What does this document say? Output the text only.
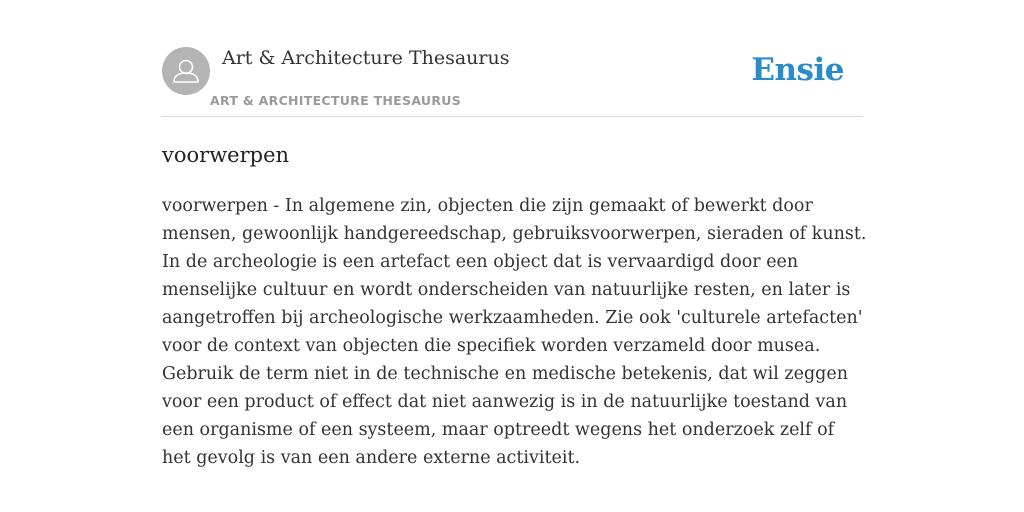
Art & Architecture Thesaurus
ART & ARCHITECTURE THESAURUS
Ensie
voorwerpen

voorwerpen - In algemene zin, objecten die zijn gemaakt of bewerkt door mensen, gewoonlijk handgereedschap, gebruiksvoorwerpen, sieraden of kunst. In de archeologie is een artefact een object dat is vervaardigd door een menselijke cultuur en wordt onderscheiden van natuurlijke resten, en later is aangetroffen bij archeologische werkzaamheden. Zie ook 'culturele artefacten' voor de context van objecten die specifiek worden verzameld door musea. Gebruik de term niet in de technische en medische betekenis, dat wil zeggen voor een product of effect dat niet aanwezig is in de natuurlijke toestand van een organisme of een systeem, maar optreedt wegens het onderzoek zelf of het gevolg is van een andere externe activiteit.
